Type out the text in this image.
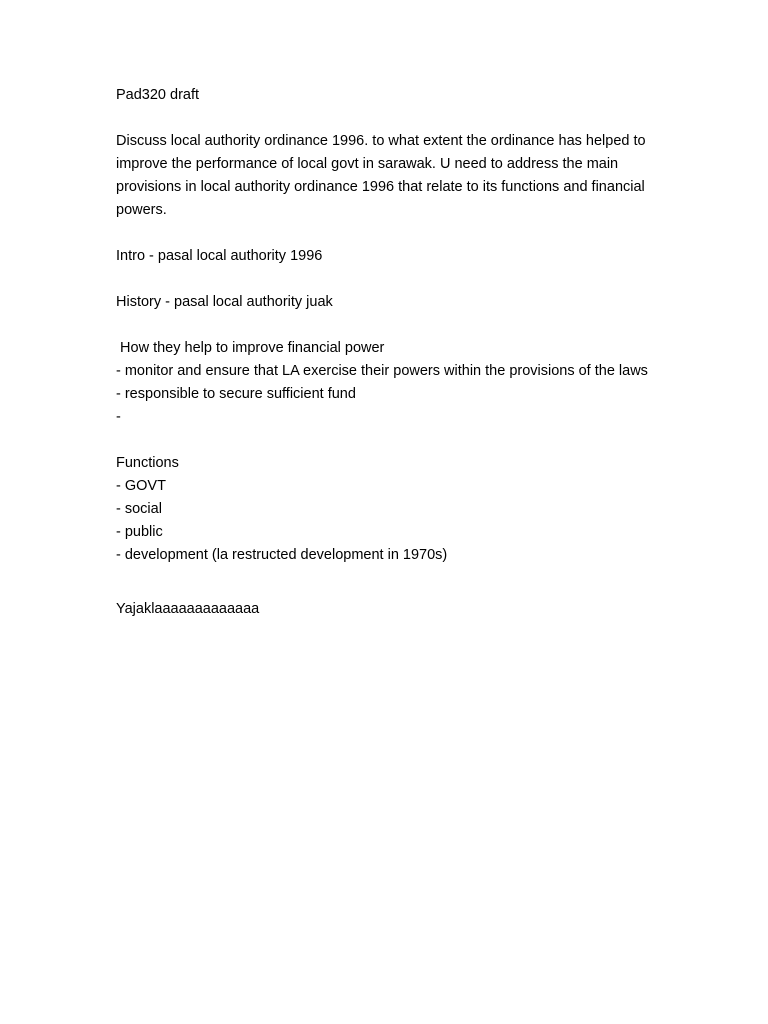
Pad320 draft
Discuss local authority ordinance 1996. to what extent the ordinance has helped to
improve the performance of local govt in sarawak. U need to address the main
provisions in local authority ordinance 1996 that relate to its functions and financial
powers.
Intro - pasal local authority 1996
History - pasal local authority juak
How they help to improve financial power
- monitor and ensure that LA exercise their powers within the provisions of the laws
- responsible to secure sufficient fund
-
Functions
- GOVT
- social
- public
- development (la restructed development in 1970s)
Yajaklaaaaaaaaaaaaa
